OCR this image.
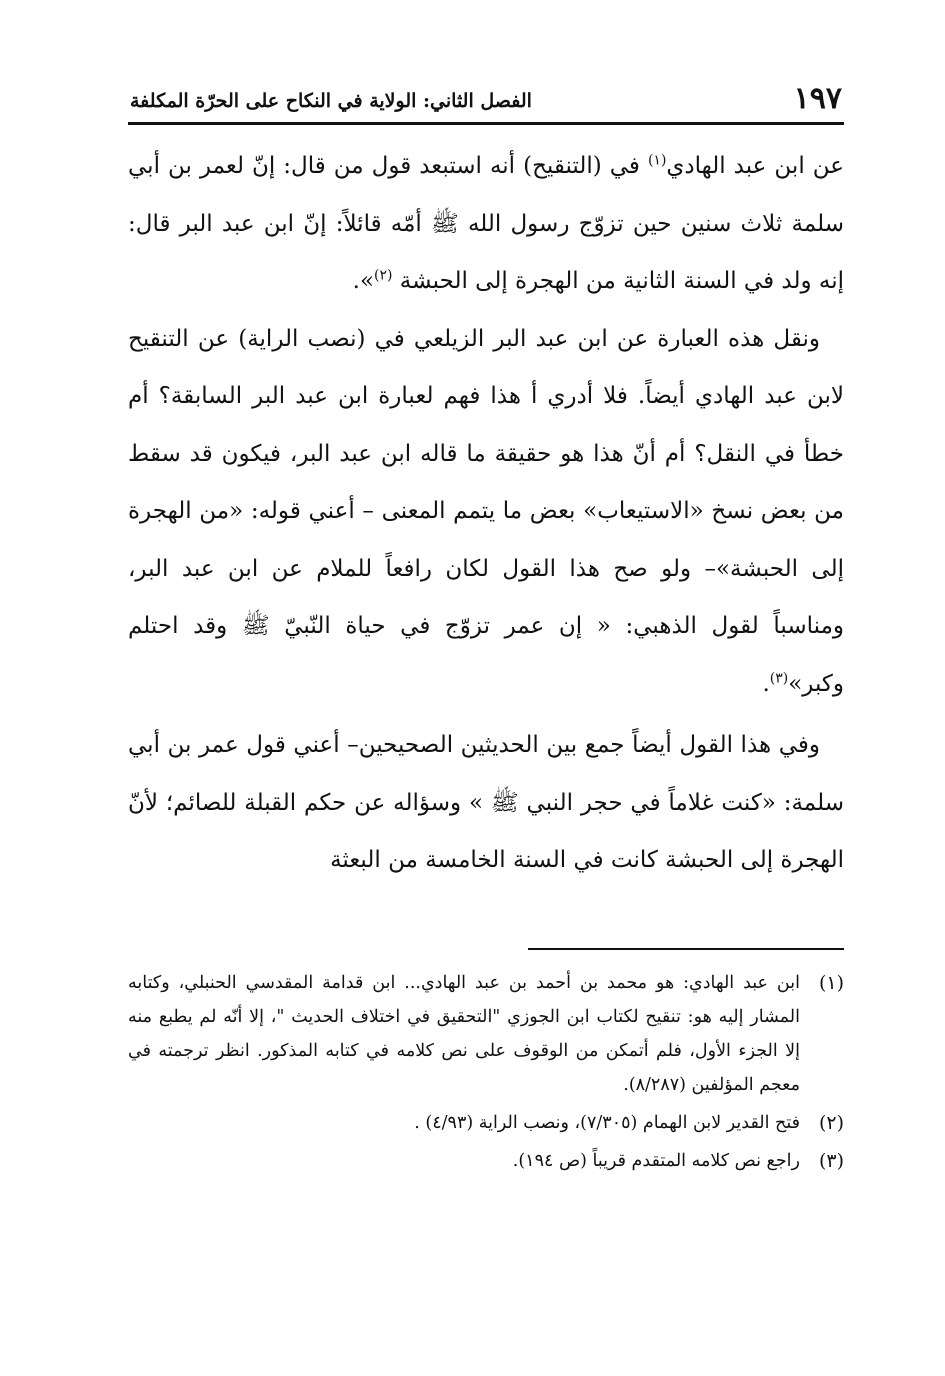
١٩٧
الفصل الثاني: الولاية في النكاح على الحرّة المكلفة

عن ابن عبد الهادي$^{(١)}$ في (التنقيح) أنه استبعد قول من قال: إنّ لعمر بن أبي سلمة ثلاث سنين حين تزوّج رسول الله ﷺ أمّه قائلاً: إنّ ابن عبد البر قال: إنه ولد في السنة الثانية من الهجرة إلى الحبشة $^{(٢)}$».

ونقل هذه العبارة عن ابن عبد البر الزيلعي في (نصب الراية) عن التنقيح لابن عبد الهادي أيضاً. فلا أدري أ هذا فهم لعبارة ابن عبد البر السابقة؟ أم خطأ في النقل؟ أم أنّ هذا هو حقيقة ما قاله ابن عبد البر، فيكون قد سقط من بعض نسخ «الاستيعاب» بعض ما يتمم المعنى – أعني قوله: «من الهجرة إلى الحبشة»– ولو صح هذا القول لكان رافعاً للملام عن ابن عبد البر، ومناسباً لقول الذهبي: « إن عمر تزوّج في حياة النّبيّ ﷺ وقد احتلم وكبر»$^{(٣)}$.

وفي هذا القول أيضاً جمع بين الحديثين الصحيحين– أعني قول عمر بن أبي سلمة: «كنت غلاماً في حجر النبي ﷺ » وسؤاله عن حكم القبلة للصائم؛ لأنّ الهجرة إلى الحبشة كانت في السنة الخامسة من البعثة

(١)
ابن عبد الهادي: هو محمد بن أحمد بن عبد الهادي... ابن قدامة المقدسي الحنبلي، وكتابه المشار إليه هو: تنقيح لكتاب ابن الجوزي "التحقيق في اختلاف الحديث "، إلا أنّه لم يطبع منه إلا الجزء الأول، فلم أتمكن من الوقوف على نص كلامه في كتابه المذكور. انظر ترجمته في معجم المؤلفين (٨/٢٨٧).
(٢)
فتح القدير لابن الهمام (٧/٣٠٥)، ونصب الراية (٤/٩٣) .
(٣)
راجع نص كلامه المتقدم قريباً (ص ١٩٤).
